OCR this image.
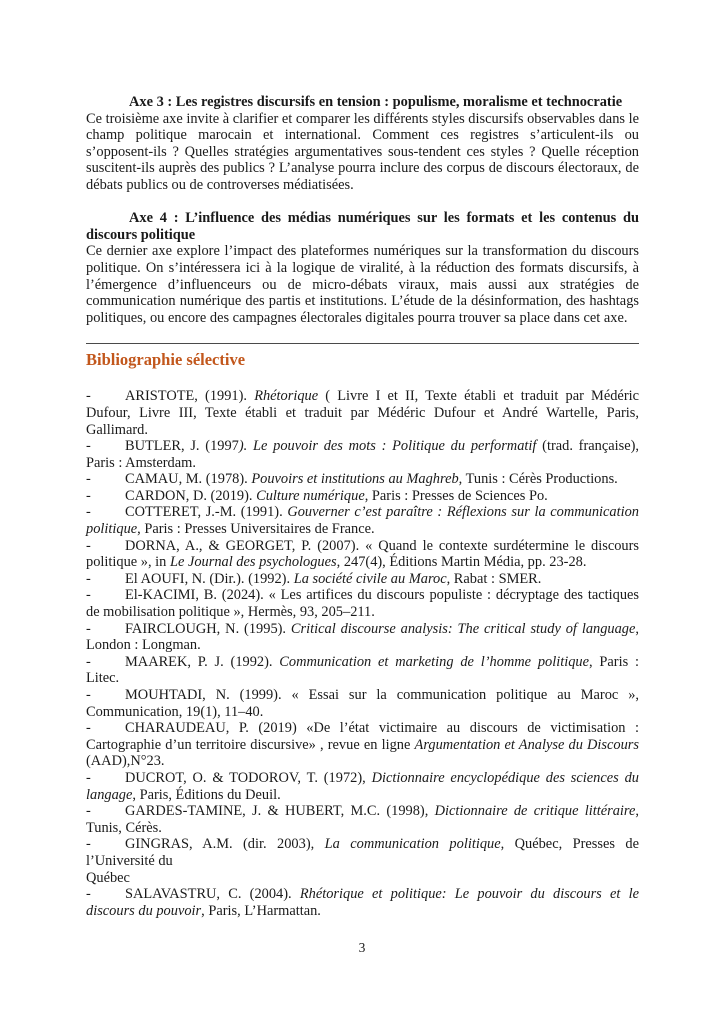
Axe 3 : Les registres discursifs en tension : populisme, moralisme et technocratie

Ce troisième axe invite à clarifier et comparer les différents styles discursifs observables dans le champ politique marocain et international. Comment ces registres s’articulent-ils ou s’opposent-ils ? Quelles stratégies argumentatives sous-tendent ces styles ? Quelle réception suscitent-ils auprès des publics ? L’analyse pourra inclure des corpus de discours électoraux, de débats publics ou de controverses médiatisées.

Axe 4 : L’influence des médias numériques sur les formats et les contenus du discours politique

Ce dernier axe explore l’impact des plateformes numériques sur la transformation du discours politique. On s’intéressera ici à la logique de viralité, à la réduction des formats discursifs, à l’émergence d’influenceurs ou de micro-débats viraux, mais aussi aux stratégies de communication numérique des partis et institutions. L’étude de la désinformation, des hashtags politiques, ou encore des campagnes électorales digitales pourra trouver sa place dans cet axe.

Bibliographie sélective

- ARISTOTE, (1991). Rhétorique ( Livre I et II, Texte établi et traduit par Médéric Dufour, Livre III, Texte établi et traduit par Médéric Dufour et André Wartelle, Paris, Gallimard.

- BUTLER, J. (1997). Le pouvoir des mots : Politique du performatif (trad. française), Paris : Amsterdam.

- CAMAU, M. (1978). Pouvoirs et institutions au Maghreb, Tunis : Cérès Productions.

- CARDON, D. (2019). Culture numérique, Paris : Presses de Sciences Po.

- COTTERET, J.-M. (1991). Gouverner c’est paraître : Réflexions sur la communication politique, Paris : Presses Universitaires de France.

- DORNA, A., & GEORGET, P. (2007). « Quand le contexte surdétermine le discours politique », in Le Journal des psychologues, 247(4), Éditions Martin Média, pp. 23-28.

- El AOUFI, N. (Dir.). (1992). La société civile au Maroc, Rabat : SMER.

- El-KACIMI, B. (2024). « Les artifices du discours populiste : décryptage des tactiques de mobilisation politique », Hermès, 93, 205–211.

- FAIRCLOUGH, N. (1995). Critical discourse analysis: The critical study of language, London : Longman.

- MAAREK, P. J. (1992). Communication et marketing de l’homme politique, Paris : Litec.

- MOUHTADI, N. (1999). « Essai sur la communication politique au Maroc », Communication, 19(1), 11–40.

- CHARAUDEAU, P. (2019) «De l’état victimaire au discours de victimisation : Cartographie d’un territoire discursive» , revue en ligne Argumentation et Analyse du Discours (AAD),N°23.

- DUCROT, O. & TODOROV, T. (1972), Dictionnaire encyclopédique des sciences du langage, Paris, Éditions du Deuil.

- GARDES-TAMINE, J. & HUBERT, M.C. (1998), Dictionnaire de critique littéraire, Tunis, Cérès.

- GINGRAS, A.M. (dir. 2003), La communication politique, Québec, Presses de l’Université du
Québec

- SALAVASTRU, C. (2004). Rhétorique et politique: Le pouvoir du discours et le discours du pouvoir, Paris, L’Harmattan.

3
